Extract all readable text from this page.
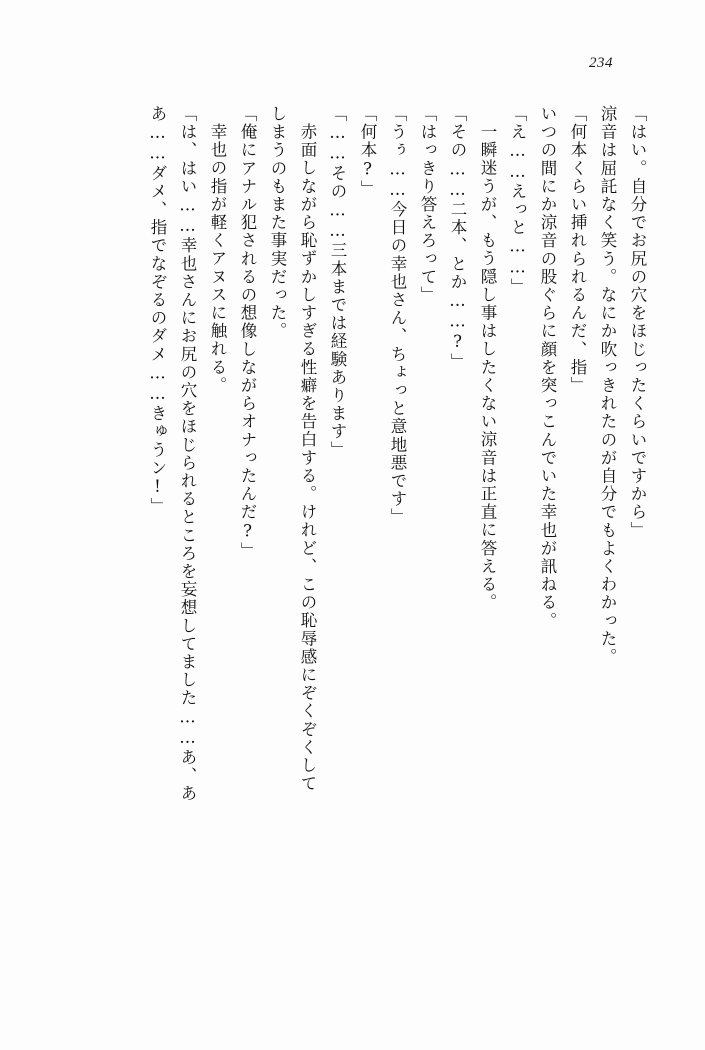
234
「はい。自分でお尻の穴をほじったくらいですから」
涼音は屈託なく笑う。なにか吹っきれたのが自分でもよくわかった。
「何本くらい挿れられるんだ、指」
いつの間にか涼音の股ぐらに顔を突っこんでいた幸也が訊ねる。
「え……えっと……」
一瞬迷うが、もう隠し事はしたくない涼音は正直に答える。
「その……二本、とか……?」
「はっきり答えろって」
「うぅ……今日の幸也さん、ちょっと意地悪です」
「何本?」
「……その……三本までは経験あります」
赤面しながら恥ずかしすぎる性癖を告白する。けれど、この恥辱感にぞくぞくして
しまうのもまた事実だった。
「俺にアナル犯されるの想像しながらオナったんだ?」
幸也の指が軽くアヌスに触れる。
「は、はい……幸也さんにお尻の穴をほじられるところを妄想してました……あ、あ
あ……ダメ、指でなぞるのダメ……きゅうン!」
